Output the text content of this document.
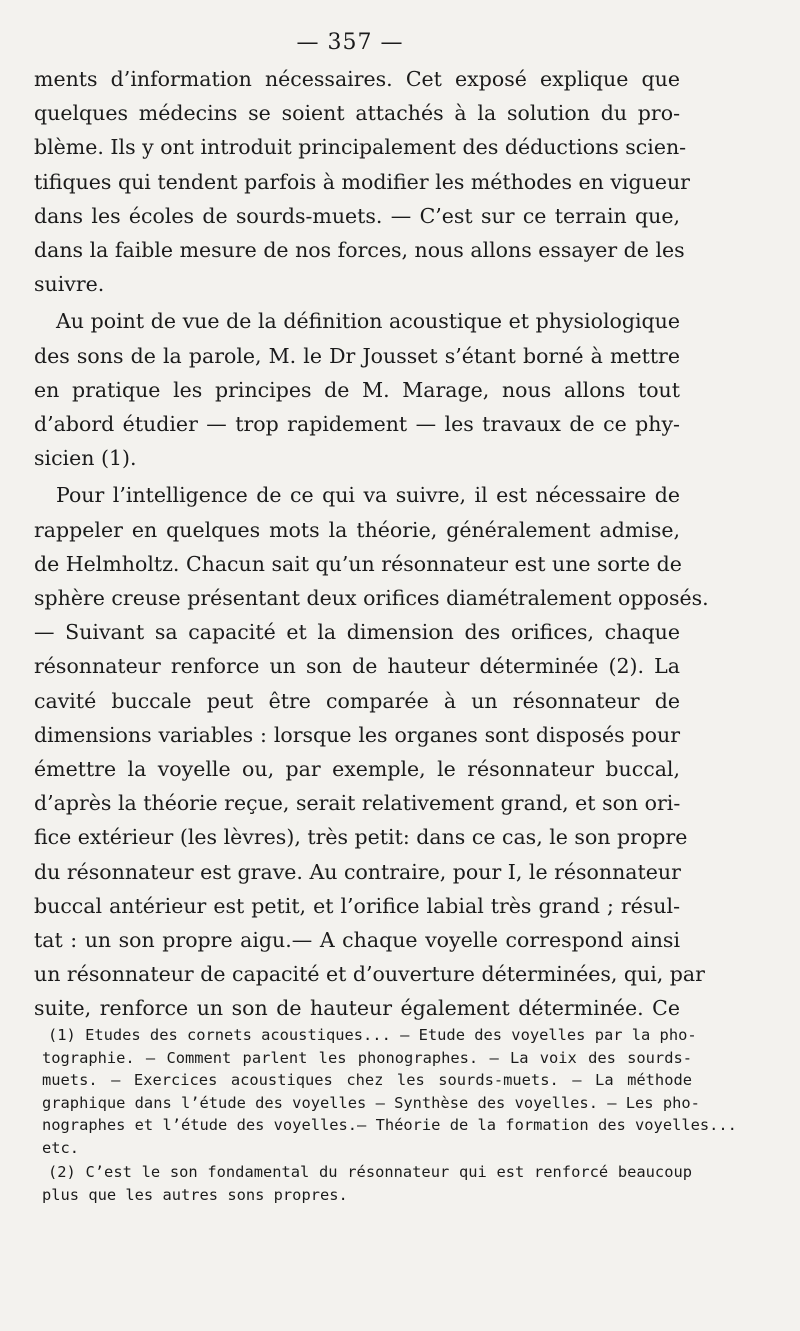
— 357 —
ments d’information nécessaires. Cet exposé explique que
quelques médecins se soient attachés à la solution du pro-
blème. Ils y ont introduit principalement des déductions scien-
tifiques qui tendent parfois à modifier les méthodes en vigueur
dans les écoles de sourds-muets. — C’est sur ce terrain que,
dans la faible mesure de nos forces, nous allons essayer de les
suivre.
Au point de vue de la définition acoustique et physiologique
des sons de la parole, M. le Dr Jousset s’étant borné à mettre
en pratique les principes de M. Marage, nous allons tout
d’abord étudier — trop rapidement — les travaux de ce phy-
sicien (1).
Pour l’intelligence de ce qui va suivre, il est nécessaire de
rappeler en quelques mots la théorie, généralement admise,
de Helmholtz. Chacun sait qu’un résonnateur est une sorte de
sphère creuse présentant deux orifices diamétralement opposés.
— Suivant sa capacité et la dimension des orifices, chaque
résonnateur renforce un son de hauteur déterminée (2). La
cavité buccale peut être comparée à un résonnateur de
dimensions variables : lorsque les organes sont disposés pour
émettre la voyelle ou, par exemple, le résonnateur buccal,
d’après la théorie reçue, serait relativement grand, et son ori-
fice extérieur (les lèvres), très petit: dans ce cas, le son propre
du résonnateur est grave. Au contraire, pour I, le résonnateur
buccal antérieur est petit, et l’orifice labial très grand ; résul-
tat : un son propre aigu.— A chaque voyelle correspond ainsi
un résonnateur de capacité et d’ouverture déterminées, qui, par
suite, renforce un son de hauteur également déterminée. Ce
(1) Etudes des cornets acoustiques... — Etude des voyelles par la pho-
tographie. — Comment parlent les phonographes. — La voix des sourds-
muets. — Exercices acoustiques chez les sourds-muets. — La méthode
graphique dans l’étude des voyelles — Synthèse des voyelles. — Les pho-
nographes et l’étude des voyelles.— Théorie de la formation des voyelles...
etc.
(2) C’est le son fondamental du résonnateur qui est renforcé beaucoup
plus que les autres sons propres.
